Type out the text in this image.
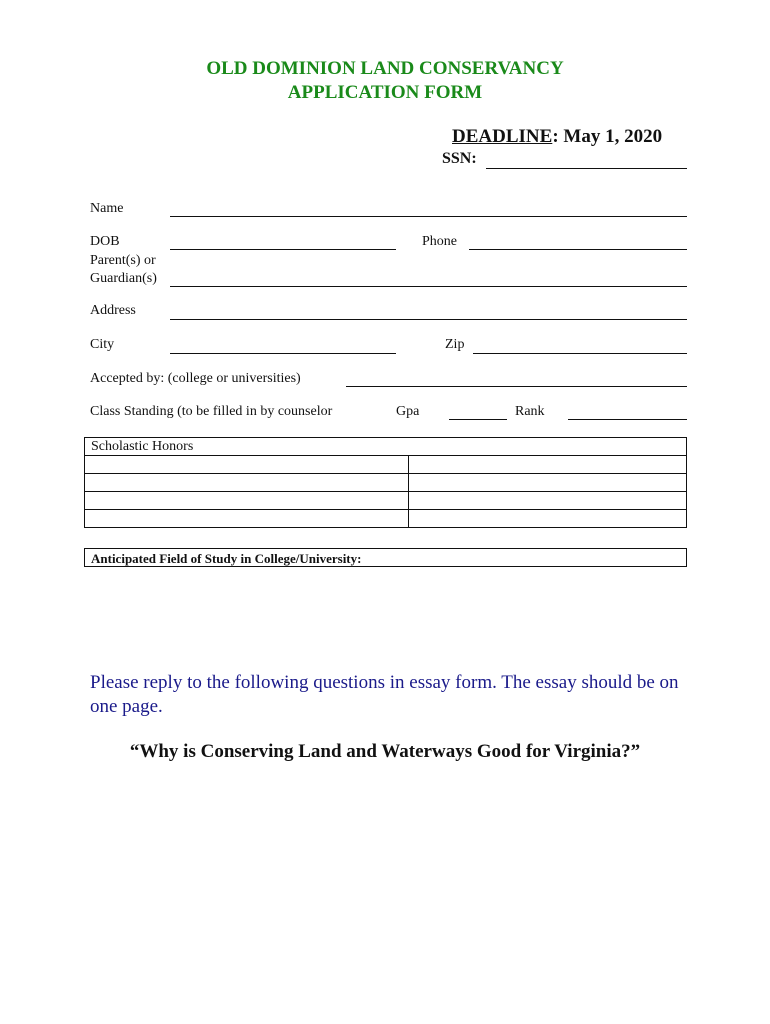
OLD DOMINION LAND CONSERVANCY
APPLICATION FORM
DEADLINE: May 1, 2020
SSN:
Name
DOB	Phone
Parent(s) or
Guardian(s)
Address
City	Zip
Accepted by: (college or universities)
Class Standing (to be filled in by counselor	Gpa	Rank
Scholastic Honors	

Anticipated Field of Study in College/University:
Please reply to the following questions in essay form. The essay should be on one page.
“Why is Conserving Land and Waterways Good for Virginia?”
